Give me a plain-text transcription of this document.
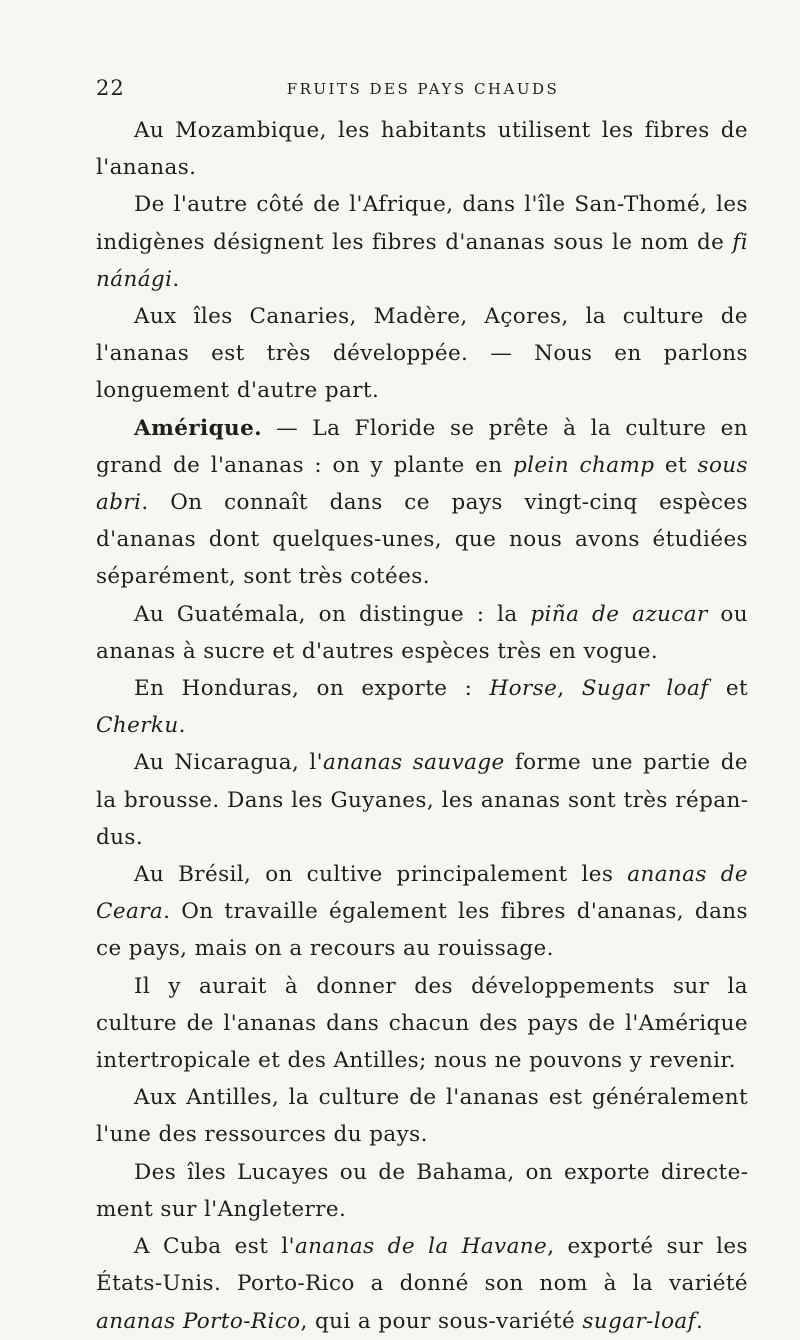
22	FRUITS DES PAYS CHAUDS

Au Mozambique, les habitants utilisent les fibres de l'ananas.

De l'autre côté de l'Afrique, dans l'île San-Thomé, les indigènes désignent les fibres d'ananas sous le nom de fi nánági.

Aux îles Canaries, Madère, Açores, la culture de l'ananas est très développée. — Nous en parlons longuement d'autre part.

Amérique. — La Floride se prête à la culture en grand de l'ananas : on y plante en plein champ et sous abri. On connaît dans ce pays vingt-cinq espèces d'ananas dont quelques-unes, que nous avons étudiées séparément, sont très cotées.

Au Guatémala, on distingue : la piña de azucar ou ananas à sucre et d'autres espèces très en vogue.

En Honduras, on exporte : Horse, Sugar loaf et Cherku.

Au Nicaragua, l'ananas sauvage forme une partie de la brousse. Dans les Guyanes, les ananas sont très répandus.

Au Brésil, on cultive principalement les ananas de Ceara. On travaille également les fibres d'ananas, dans ce pays, mais on a recours au rouissage.

Il y aurait à donner des développements sur la culture de l'ananas dans chacun des pays de l'Amérique intertropicale et des Antilles; nous ne pouvons y revenir.

Aux Antilles, la culture de l'ananas est généralement l'une des ressources du pays.

Des îles Lucayes ou de Bahama, on exporte directement sur l'Angleterre.

A Cuba est l'ananas de la Havane, exporté sur les États-Unis. Porto-Rico a donné son nom à la variété ananas Porto-Rico, qui a pour sous-variété sugar-loaf.
